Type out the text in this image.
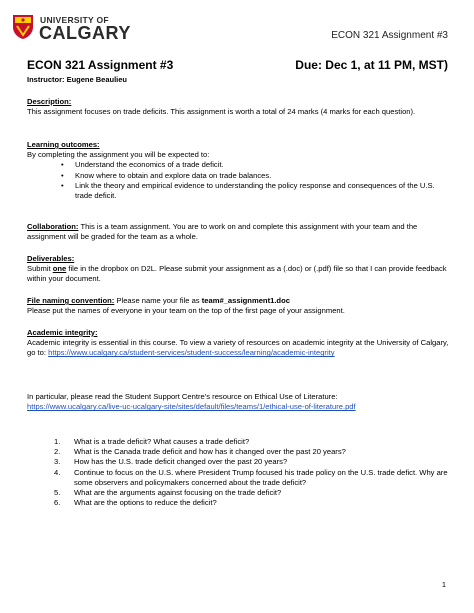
UNIVERSITY OF
CALGARY	ECON 321 Assignment #3
ECON 321 Assignment #3	Due: Dec 1, at 11 PM, MST)
Instructor: Eugene Beaulieu
Description:
This assignment focuses on trade deficits. This assignment is worth a total of 24 marks (4 marks for each question).
Learning outcomes:
By completing the assignment you will be expected to:
• Understand the economics of a trade deficit.
• Know where to obtain and explore data on trade balances.
• Link the theory and empirical evidence to understanding the policy response and consequences of the U.S. trade deficit.
Collaboration: This is a team assignment. You are to work on and complete this assignment with your team and the assignment will be graded for the team as a whole.
Deliverables:
Submit one file in the dropbox on D2L. Please submit your assignment as a (.doc) or (.pdf) file so that I can provide feedback within your document.
File naming convention: Please name your file as team#_assignment1.doc
Please put the names of everyone in your team on the top of the first page of your assignment.
Academic integrity:
Academic integrity is essential in this course. To view a variety of resources on academic integrity at the University of Calgary, go to: https://www.ucalgary.ca/student-services/student-success/learning/academic-integrity
In particular, please read the Student Support Centre’s resource on Ethical Use of Literature:
https://www.ucalgary.ca/live-uc-ucalgary-site/sites/default/files/teams/1/ethical-use-of-literature.pdf
1. What is a trade deficit? What causes a trade deficit?
2. What is the Canada trade deficit and how has it changed over the past 20 years?
3. How has the U.S. trade deficit changed over the past 20 years?
4. Continue to focus on the U.S. where President Trump focused his trade policy on the U.S. trade defict. Why are some observers and policymakers concerned about the trade deficit?
5. What are the arguments against focusing on the trade deficit?
6. What are the options to reduce the deficit?
1
